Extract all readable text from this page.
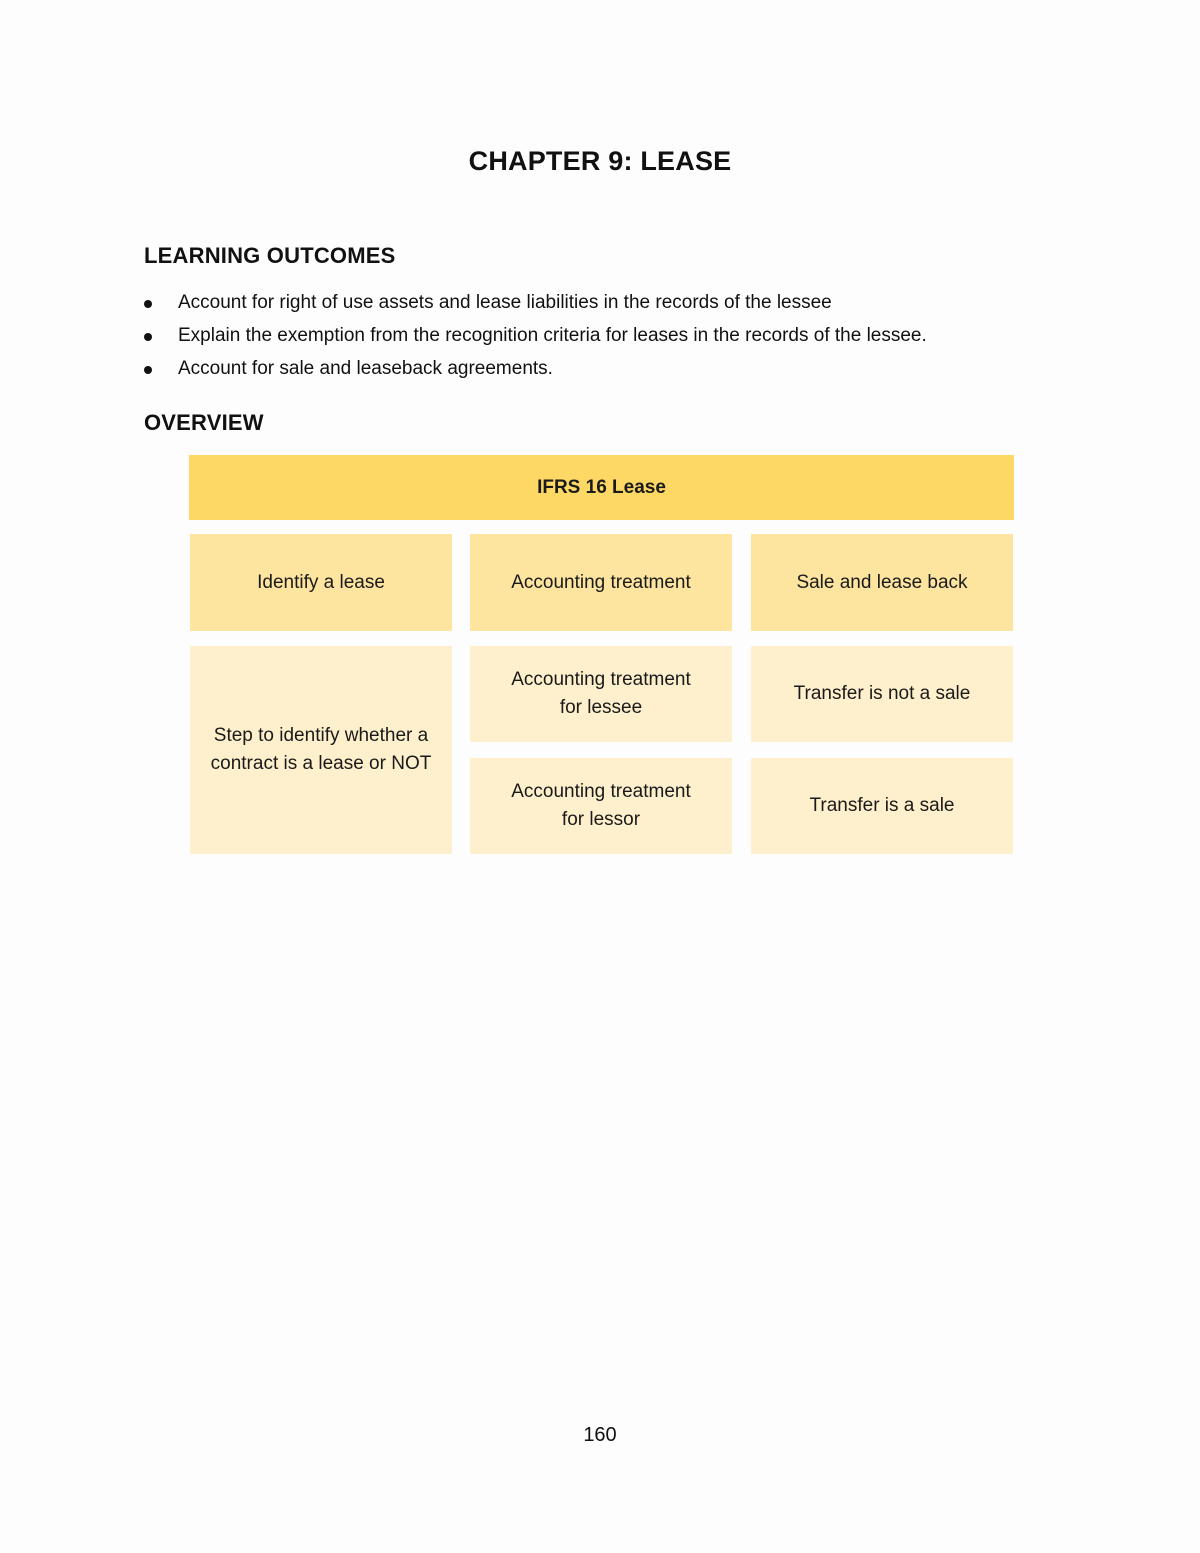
CHAPTER 9: LEASE
LEARNING OUTCOMES
Account for right of use assets and lease liabilities in the records of the lessee
Explain the exemption from the recognition criteria for leases in the records of the lessee.
Account for sale and leaseback agreements.
OVERVIEW
IFRS 16 Lease
Identify a lease	Accounting treatment	Sale and lease back
Step to identify whether a contract is a lease or NOT
Accounting treatment for lessee
Accounting treatment for lessor
Transfer is not a sale
Transfer is a sale
160
